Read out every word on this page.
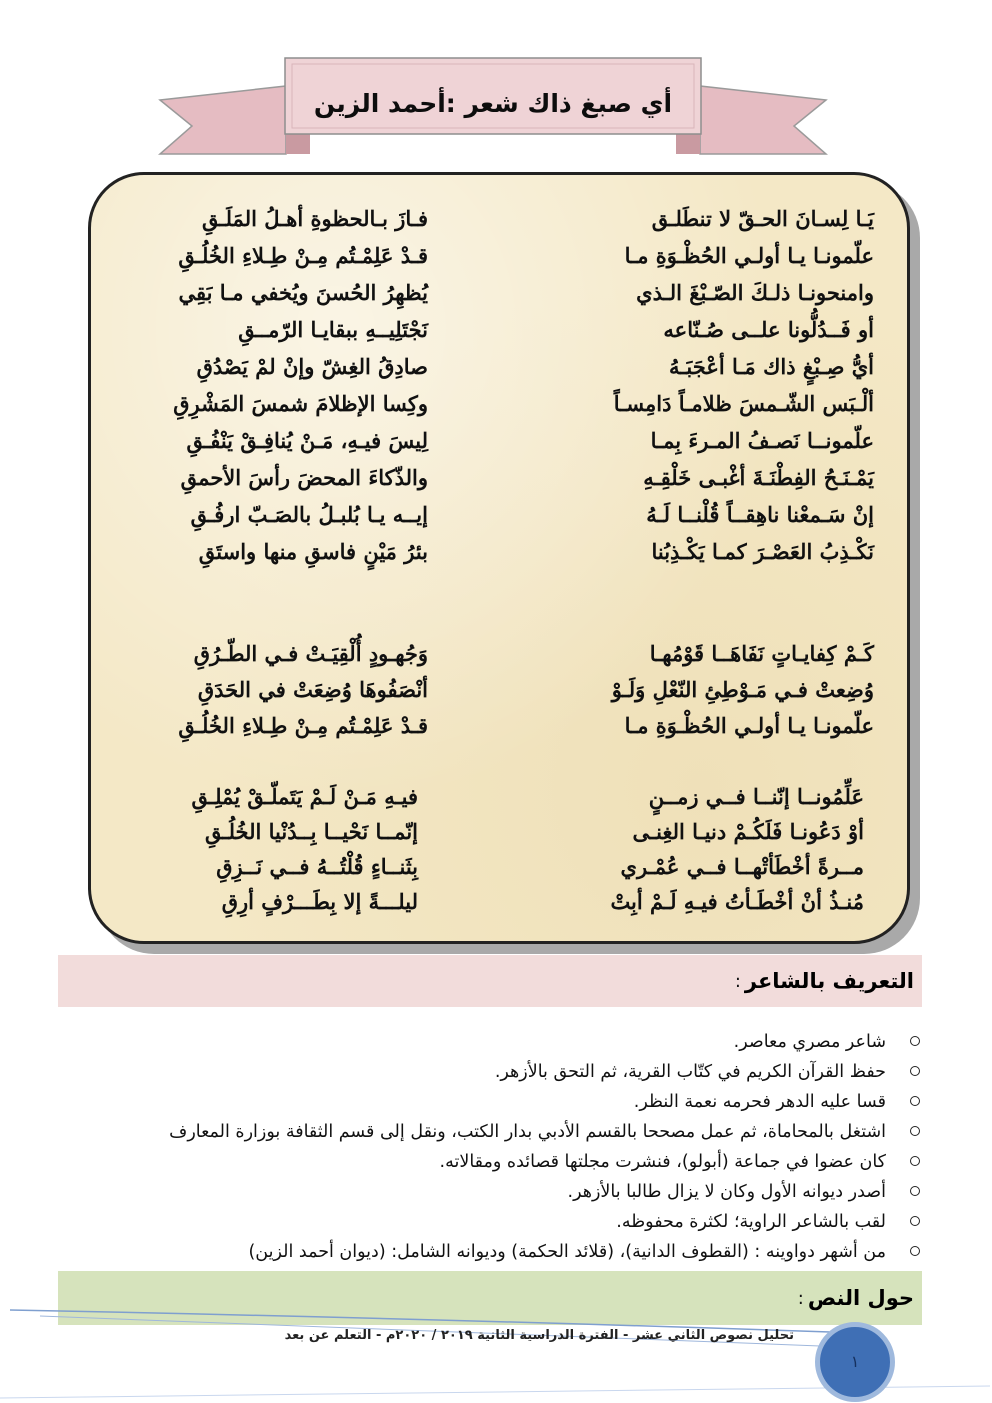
أي صبغ ذاك شعر :أحمد الزين
يَـا لِسـانَ الحـقّ لا تنطَلـق
علّمونـا يـا أولـي الحُظْـوَةِ مـا
وامنحونـا ذلـكَ الصّـبْغَ الـذي
أو فَــدُلُّونا علــى صُـنّاعه
أيُّ صِـبْغٍ ذاك مَـا أعْجَبَـهُ
ألْـبَس الشّـمسَ ظلامـاً دَامِسـاً
علّمونــا نَصـفُ المـرءَ بِمـا
يَمْـنَـحُ الفِطْنَـةَ أغْبـى خَلْقِـهِ
إنْ سَـمعْنا ناهِقــاً قُلْنــا لَـهُ
نَكْـذِبُ العَصْـرَ كمـا يَكْـذِبُنا
فـازَ بـالحظوةِ أهـلُ المَلَـقِ
قـدْ عَلِمْـتُم مِـنْ طِـلاءِ الخُلُـقِ
يُظهِرُ الحُسنَ ويُخفي مـا بَقِي
نَجْتَلِيــهِ ببقايـا الرّمــقِ
صادِقُ الغِشّ وإنْ لمْ يَصْدُقِ
وكِسا الإظلامَ شمسَ المَشْرِقِ
لِيسَ فيـهِ، مَـنْ يُنافِـقْ يَنْفُـقِ
والذّكاءَ المحضَ رأسَ الأحمقِ
إيــه يـا بُلبـلُ بالصَـبّ ارفُـقِ
بئرُ مَيْنٍ فاسقِ منها واستَقِ
كَـمْ كِفايـاتٍ نَفَاهَــا قَوْمُهـا
وُضِعتْ فـي مَـوْطِئِ النّعْلِ وَلَـوْ
علّمونـا يـا أولـي الحُظْـوَةِ مـا
وَجُهـودٍ أُلْقِيَـتْ فـي الطّـرُقِ
أنْصَفُوهَا وُضِعَتْ في الحَدَقِ
قـدْ عَلِمْـتُم مِـنْ طِـلاءِ الخُلُـقِ
عَلِّمُونــا إنّنــا فــي زمــنٍ
أوْ دَعُونـا فَلَكُـمْ دنيـا الغِنـى
مــرةً أخْطَأتْهــا فــي عُمْـري
مُنـذُ أنْ أخْطَـأتُ فيـهِ لَـمْ أبِتْ
فيـهِ مَـنْ لَـمْ يَتَملّـقْ يُمْلِـقِ
إنّمــا نَحْيــا بِــدُنْيا الخُلُـقِ
بِثَنــاءٍ قُلْتُــهُ فــي نَــزِقِ
ليلـــةً إلا بِطَـــرْفٍ أرِقِ
التعريف بالشاعر
:
شاعر مصري معاصر.
حفظ القرآن الكريم في كتّاب القرية، ثم التحق بالأزهر.
قسا عليه الدهر فحرمه نعمة النظر.
اشتغل بالمحاماة، ثم عمل مصححا بالقسم الأدبي بدار الكتب، ونقل إلى قسم الثقافة بوزارة المعارف
كان عضوا في جماعة (أبولو)، فنشرت مجلتها قصائده ومقالاته.
أصدر ديوانه الأول وكان لا يزال طالبا بالأزهر.
لقب بالشاعر الراوية؛ لكثرة محفوظه.
من أشهر دواوينه : (القطوف الدانية)، (قلائد الحكمة) وديوانه الشامل: (ديوان أحمد الزين)
حول النص
:
تحليل نصوص الثاني عشر - الفترة الدراسية الثانية ٢٠١٩ / ٢٠٢٠م - التعلم عن بعد
١
